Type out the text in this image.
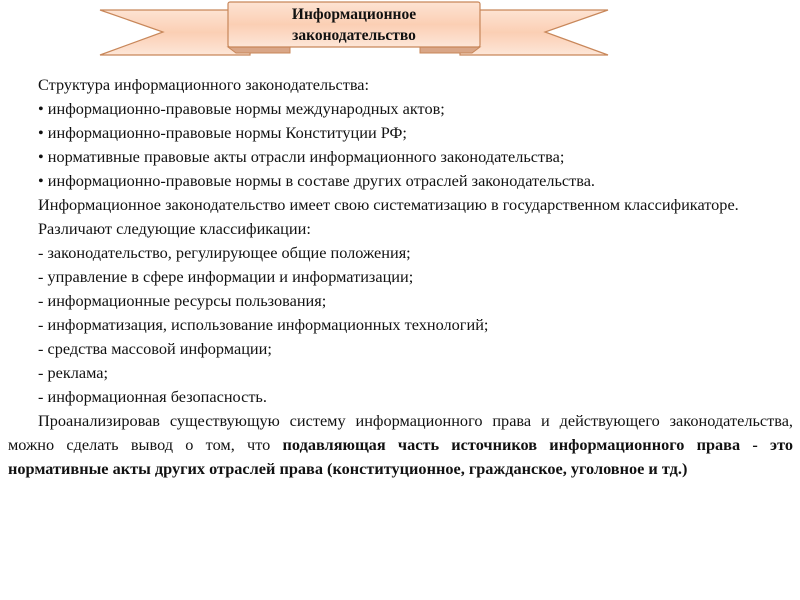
Информационное
законодательство
Структура информационного законодательства:
• информационно-правовые нормы международных актов;
• информационно-правовые нормы Конституции РФ;
• нормативные правовые акты отрасли информационного законодательства;
• информационно-правовые нормы в составе других отраслей законодательства.
Информационное законодательство имеет свою систематизацию в государственном классификаторе.
Различают следующие классификации:
- законодательство, регулирующее общие положения;
- управление в сфере информации и информатизации;
- информационные ресурсы пользования;
- информатизация, использование информационных технологий;
- средства массовой информации;
- реклама;
- информационная безопасность.
Проанализировав существующую систему информационного права и действующего законодательства, можно сделать вывод о том, что подавляющая часть источников информационного права - это нормативные акты других отраслей права (конституционное, гражданское, уголовное и тд.)
